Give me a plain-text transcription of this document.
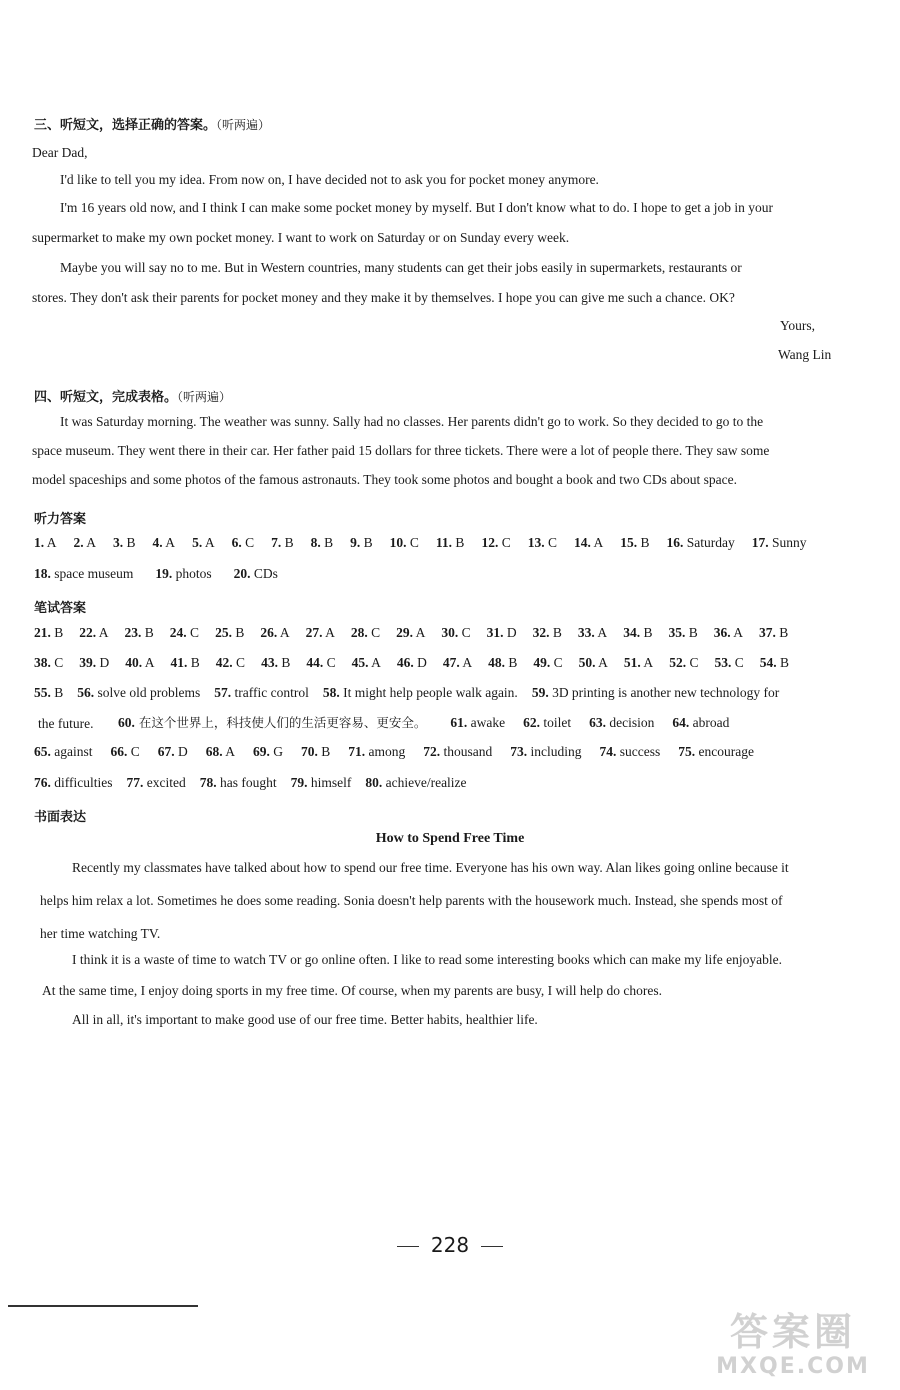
三、听短文，选择正确的答案。（听两遍）
Dear Dad,
I'd like to tell you my idea. From now on, I have decided not to ask you for pocket money anymore.
I'm 16 years old now, and I think I can make some pocket money by myself. But I don't know what to do. I hope to get a job in your
supermarket to make my own pocket money. I want to work on Saturday or on Sunday every week.
Maybe you will say no to me. But in Western countries, many students can get their jobs easily in supermarkets, restaurants or
stores. They don't ask their parents for pocket money and they make it by themselves. I hope you can give me such a chance. OK?
Yours,
Wang Lin
四、听短文，完成表格。（听两遍）
It was Saturday morning. The weather was sunny. Sally had no classes. Her parents didn't go to work. So they decided to go to the
space museum. They went there in their car. Her father paid 15 dollars for three tickets. There were a lot of people there. They saw some
model spaceships and some photos of the famous astronauts. They took some photos and bought a book and two CDs about space.
听力答案
1. A 2. A 3. B 4. A 5. A 6. C 7. B 8. B 9. B 10. C 11. B 12. C 13. C 14. A 15. B 16. Saturday 17. Sunny
18. space museum 19. photos 20. CDs
笔试答案
21. B 22. A 23. B 24. C 25. B 26. A 27. A 28. C 29. A 30. C 31. D 32. B 33. A 34. B 35. B 36. A 37. B
38. C 39. D 40. A 41. B 42. C 43. B 44. C 45. A 46. D 47. A 48. B 49. C 50. A 51. A 52. C 53. C 54. B
55. B 56. solve old problems 57. traffic control 58. It might help people walk again. 59. 3D printing is another new technology for
the future. 60. 在这个世界上，科技使人们的生活更容易、更安全。 61. awake 62. toilet 63. decision 64. abroad
65. against 66. C 67. D 68. A 69. G 70. B 71. among 72. thousand 73. including 74. success 75. encourage
76. difficulties 77. excited 78. has fought 79. himself 80. achieve/realize
书面表达
How to Spend Free Time
Recently my classmates have talked about how to spend our free time. Everyone has his own way. Alan likes going online because it
helps him relax a lot. Sometimes he does some reading. Sonia doesn't help parents with the housework much. Instead, she spends most of
her time watching TV.
I think it is a waste of time to watch TV or go online often. I like to read some interesting books which can make my life enjoyable.
At the same time, I enjoy doing sports in my free time. Of course, when my parents are busy, I will help do chores.
All in all, it's important to make good use of our free time. Better habits, healthier life.
228
答案圈
MXQE.COM
